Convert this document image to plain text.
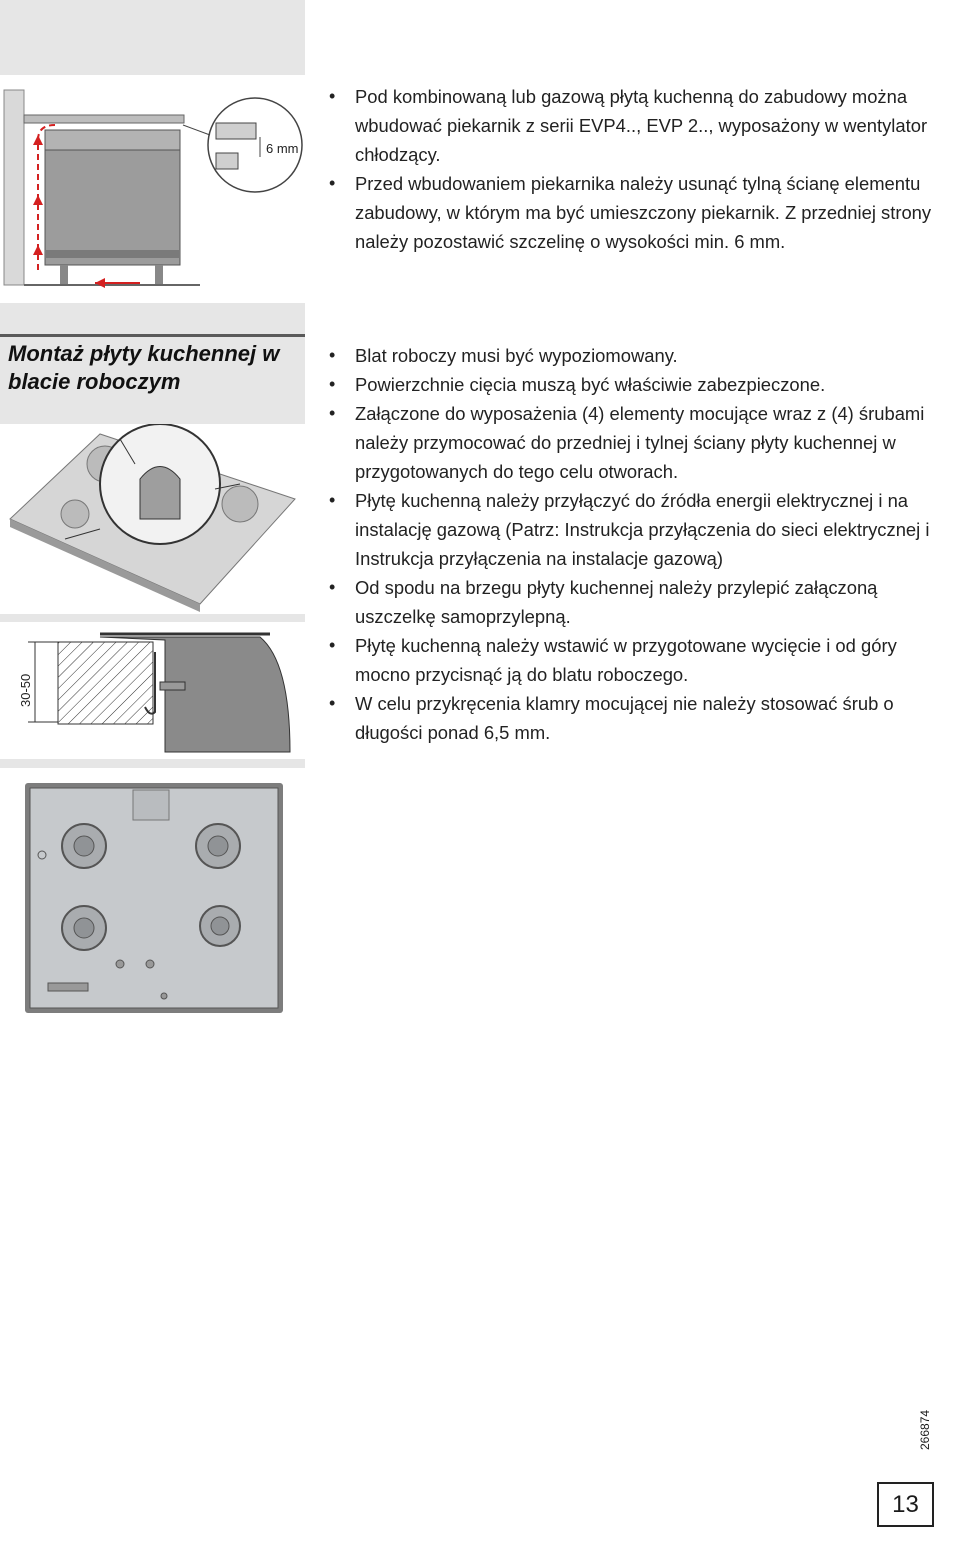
6 mm
Montaż płyty kuchennej w blacie roboczym
30-50
• Pod kombinowaną lub gazową płytą kuchenną do zabudowy można wbudować piekarnik z serii EVP4.., EVP 2.., wyposażony w wentylator chłodzący.
• Przed wbudowaniem piekarnika należy usunąć tylną ścianę elementu zabudowy, w którym ma być umieszczony piekarnik. Z przedniej strony należy pozostawić szczelinę o wysokości min. 6 mm.
• Blat roboczy musi być wypoziomowany.
• Powierzchnie cięcia muszą być właściwie zabezpieczone.
• Załączone do wyposażenia (4) elementy mocujące wraz z (4) śrubami należy przymocować do przedniej i tylnej ściany płyty kuchennej w przygotowanych do tego celu otworach.
• Płytę kuchenną należy przyłączyć do źródła energii elektrycznej i na instalację gazową (Patrz: Instrukcja przyłączenia do sieci elektrycznej i Instrukcja przyłączenia na instalacje gazową)
• Od spodu na brzegu płyty kuchennej należy przylepić załączoną uszczelkę samoprzylepną.
• Płytę kuchenną należy wstawić w przygotowane wycięcie i od góry mocno przycisnąć ją do blatu roboczego.
• W celu przykręcenia klamry mocującej nie należy stosować śrub o długości ponad 6,5 mm.
266874
13
